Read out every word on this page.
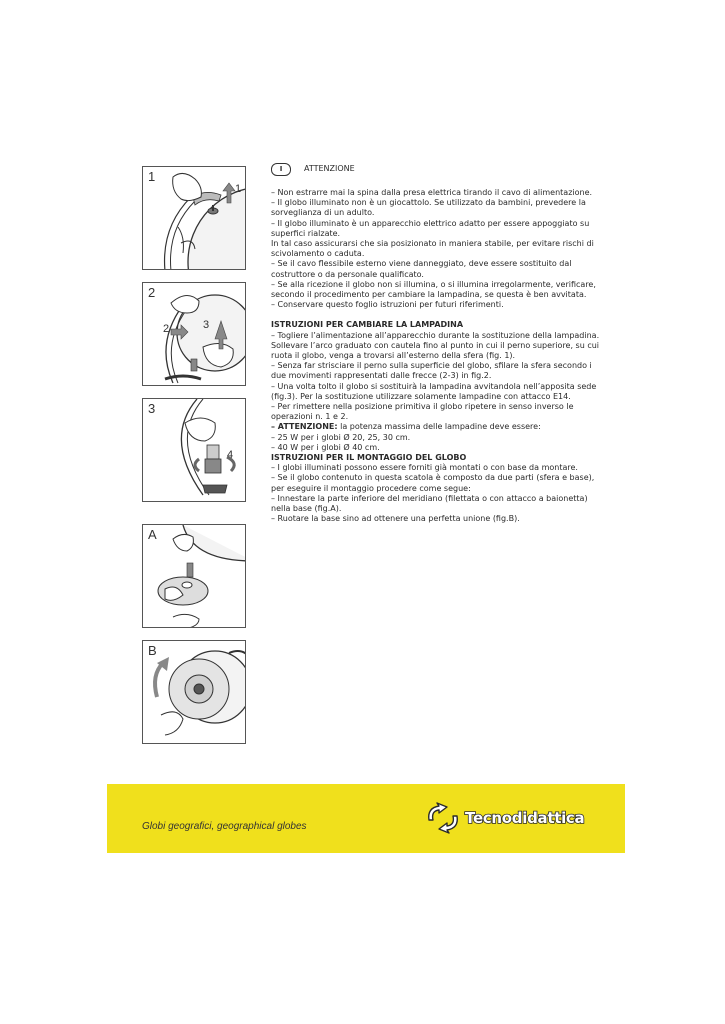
1
1
2
2	3
3
4
A
B
I	ATTENZIONE

– Non estrarre mai la spina dalla presa elettrica tirando il cavo di alimentazione.

– Il globo illuminato non è un giocattolo. Se utilizzato da bambini, prevedere la sorveglianza di un adulto.

– Il globo illuminato è un apparecchio elettrico adatto per essere appoggiato su superfici rialzate.

In tal caso assicurarsi che sia posizionato in maniera stabile, per evitare rischi di scivolamento o caduta.

– Se il cavo flessibile esterno viene danneggiato, deve essere sostituito dal costruttore o da personale qualificato.

– Se alla ricezione il globo non si illumina, o si illumina irregolarmente, verificare, secondo il procedimento per cambiare la lampadina, se questa è ben avvitata.

– Conservare questo foglio istruzioni per futuri riferimenti.

ISTRUZIONI PER CAMBIARE LA LAMPADINA

– Togliere l’alimentazione all’apparecchio durante la sostituzione della lampadina. Sollevare l’arco graduato con cautela fino al punto in cui il perno superiore, su cui ruota il globo, venga a trovarsi all’esterno della sfera (fig. 1).

– Senza far strisciare il perno sulla superficie del globo, sfilare la sfera secondo i due movimenti rappresentati dalle frecce (2-3) in fig.2.

– Una volta tolto il globo si sostituirà la lampadina avvitandola nell’apposita sede (fig.3). Per la sostituzione utilizzare solamente lampadine con attacco E14.

– Per rimettere nella posizione primitiva il globo ripetere in senso inverso le operazioni n. 1 e 2.

– ATTENZIONE: la potenza massima delle lampadine deve essere:

– 25 W per i globi Ø 20, 25, 30 cm.

– 40 W per i globi Ø 40 cm.

ISTRUZIONI PER IL MONTAGGIO DEL GLOBO

– I globi illuminati possono essere forniti già montati o con base da montare.

– Se il globo contenuto in questa scatola è composto da due parti (sfera e base), per eseguire il montaggio procedere come segue:

– Innestare la parte inferiore del meridiano (filettata o con attacco a baionetta) nella base (fig.A).

– Ruotare la base sino ad ottenere una perfetta unione (fig.B).

Globi geografici, geographical globes	Tecnodidattica
